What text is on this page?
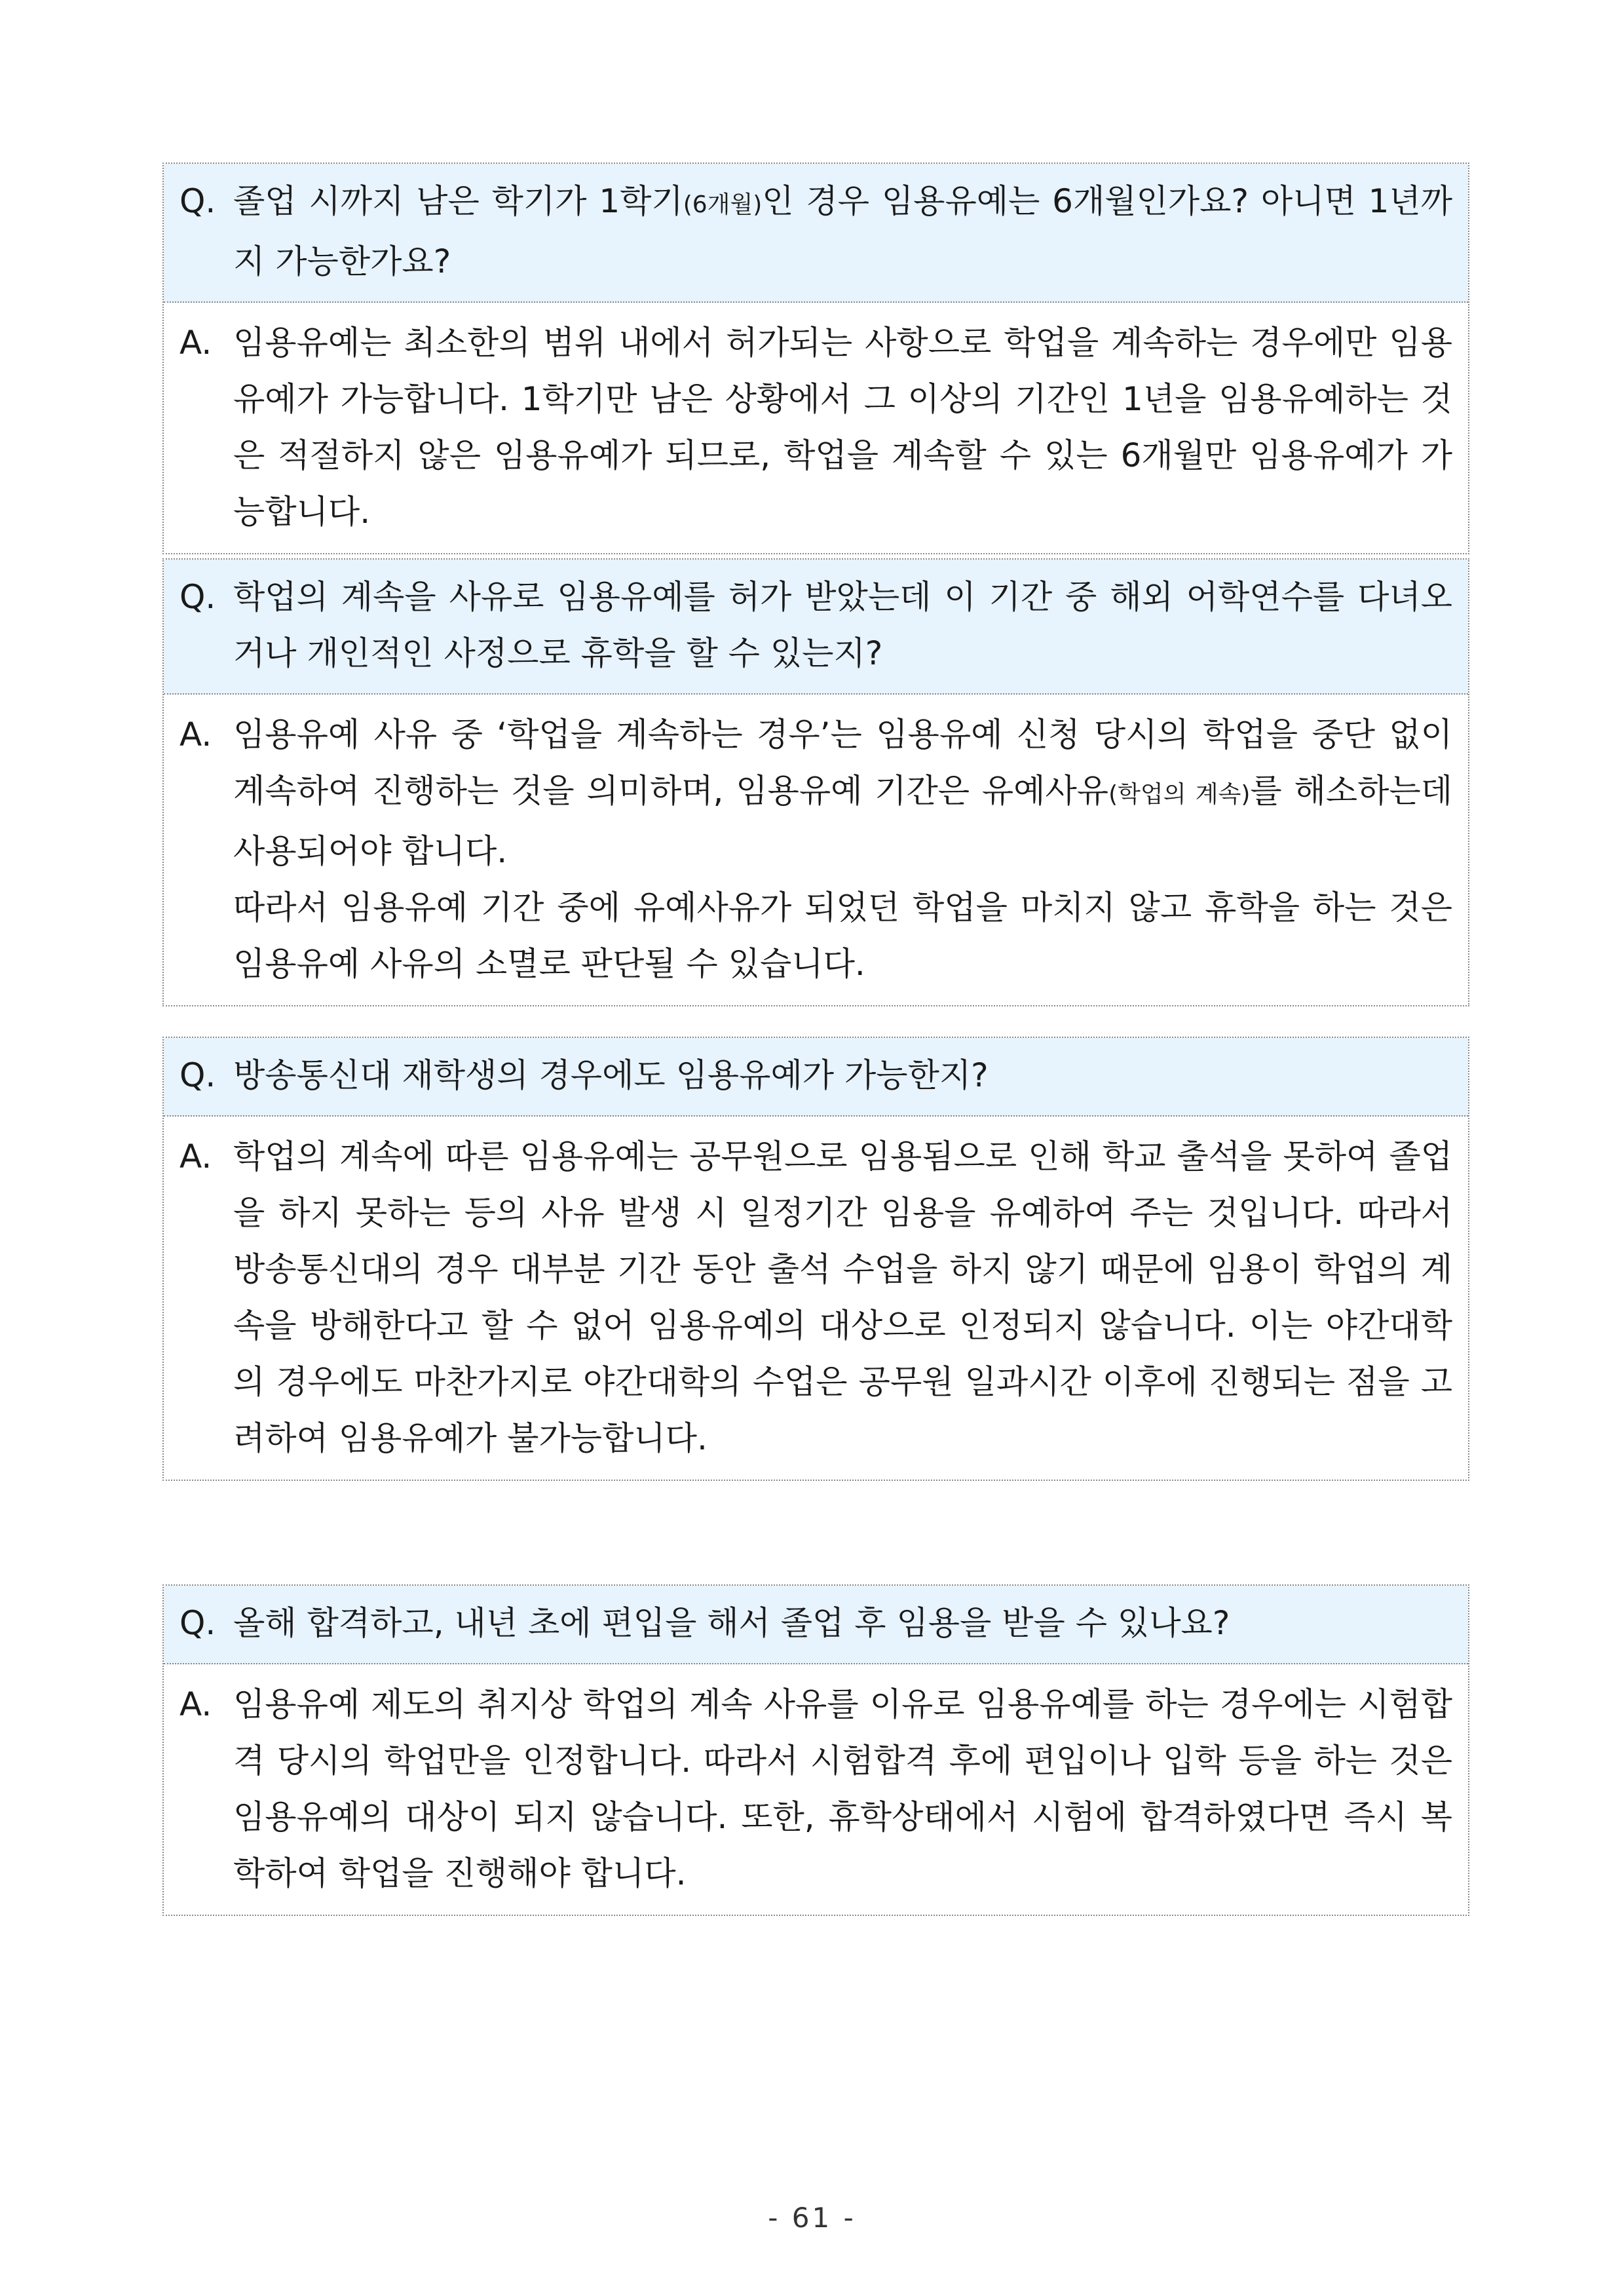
Q. 졸업 시까지 남은 학기가 1학기(6개월)인 경우 임용유예는 6개월인가요? 아니면 1년까지 가능한가요?
A. 임용유예는 최소한의 범위 내에서 허가되는 사항으로 학업을 계속하는 경우에만 임용유예가 가능합니다. 1학기만 남은 상황에서 그 이상의 기간인 1년을 임용유예하는 것은 적절하지 않은 임용유예가 되므로, 학업을 계속할 수 있는 6개월만 임용유예가 가능합니다.

Q. 학업의 계속을 사유로 임용유예를 허가 받았는데 이 기간 중 해외 어학연수를 다녀오거나 개인적인 사정으로 휴학을 할 수 있는지?
A. 임용유예 사유 중 ‘학업을 계속하는 경우’는 임용유예 신청 당시의 학업을 중단 없이 계속하여 진행하는 것을 의미하며, 임용유예 기간은 유예사유(학업의 계속)를 해소하는데 사용되어야 합니다.

따라서 임용유예 기간 중에 유예사유가 되었던 학업을 마치지 않고 휴학을 하는 것은 임용유예 사유의 소멸로 판단될 수 있습니다.

Q. 방송통신대 재학생의 경우에도 임용유예가 가능한지?
A. 학업의 계속에 따른 임용유예는 공무원으로 임용됨으로 인해 학교 출석을 못하여 졸업을 하지 못하는 등의 사유 발생 시 일정기간 임용을 유예하여 주는 것입니다. 따라서 방송통신대의 경우 대부분 기간 동안 출석 수업을 하지 않기 때문에 임용이 학업의 계속을 방해한다고 할 수 없어 임용유예의 대상으로 인정되지 않습니다. 이는 야간대학의 경우에도 마찬가지로 야간대학의 수업은 공무원 일과시간 이후에 진행되는 점을 고려하여 임용유예가 불가능합니다.

Q. 올해 합격하고, 내년 초에 편입을 해서 졸업 후 임용을 받을 수 있나요?
A. 임용유예 제도의 취지상 학업의 계속 사유를 이유로 임용유예를 하는 경우에는 시험합격 당시의 학업만을 인정합니다. 따라서 시험합격 후에 편입이나 입학 등을 하는 것은 임용유예의 대상이 되지 않습니다. 또한, 휴학상태에서 시험에 합격하였다면 즉시 복학하여 학업을 진행해야 합니다.

- 61 -
